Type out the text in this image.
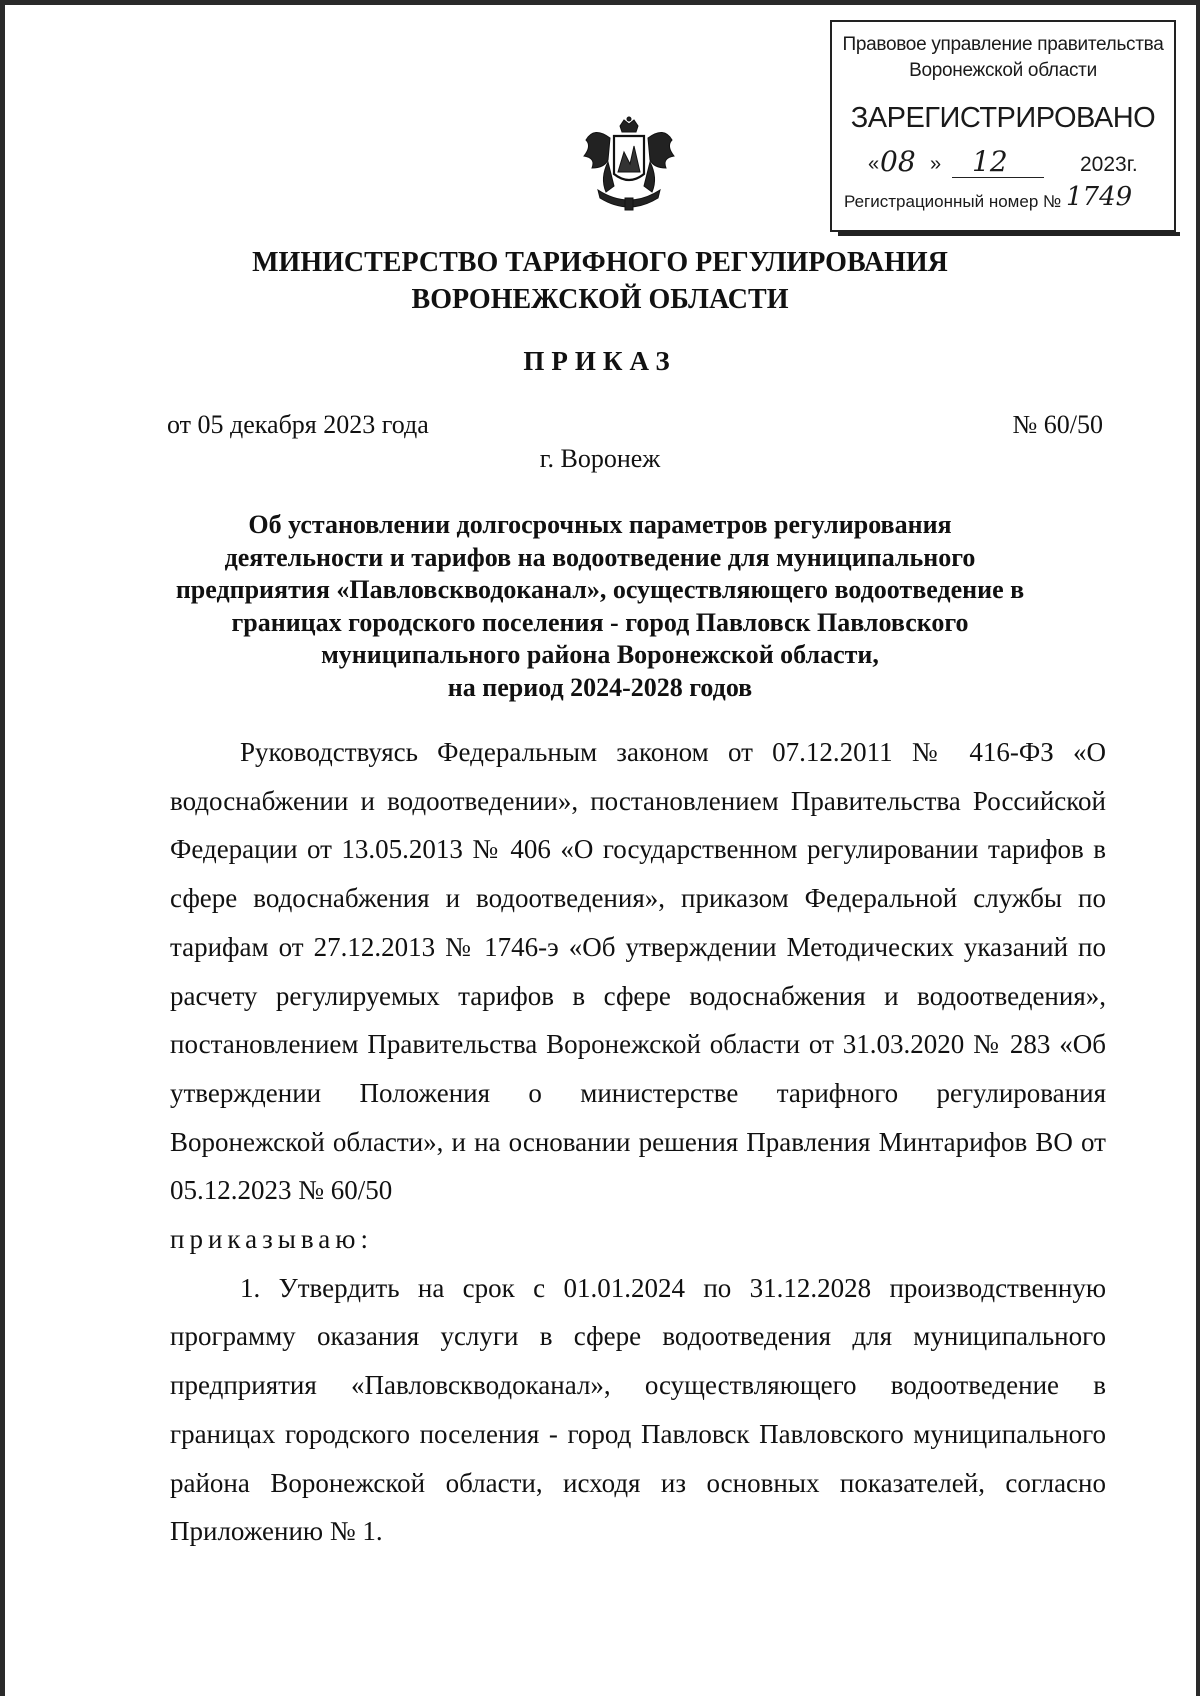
Правовое управление правительства
Воронежской области
ЗАРЕГИСТРИРОВАНО
« 08 » 12	2023г.
Регистрационный номер № 1749
МИНИСТЕРСТВО ТАРИФНОГО РЕГУЛИРОВАНИЯ
ВОРОНЕЖСКОЙ ОБЛАСТИ
ПРИКАЗ
от 05 декабря 2023 года	№ 60/50
г. Воронеж
Об установлении долгосрочных параметров регулирования
деятельности и тарифов на водоотведение для муниципального
предприятия «Павловскводоканал», осуществляющего водоотведение в
границах городского поселения - город Павловск Павловского
муниципального района Воронежской области,
на период 2024-2028 годов

Руководствуясь Федеральным законом от 07.12.2011 № 416-ФЗ «О водоснабжении и водоотведении», постановлением Правительства Российской Федерации от 13.05.2013 № 406 «О государственном регулировании тарифов в сфере водоснабжения и водоотведения», приказом Федеральной службы по тарифам от 27.12.2013 № 1746-э «Об утверждении Методических указаний по расчету регулируемых тарифов в сфере водоснабжения и водоотведения», постановлением Правительства Воронежской области от 31.03.2020 № 283 «Об утверждении Положения о министерстве тарифного регулирования Воронежской области», и на основании решения Правления Минтарифов ВО от 05.12.2023 № 60/50

приказываю:

1. Утвердить на срок с 01.01.2024 по 31.12.2028 производственную программу оказания услуги в сфере водоотведения для муниципального предприятия «Павловскводоканал», осуществляющего водоотведение в границах городского поселения - город Павловск Павловского муниципального района Воронежской области, исходя из основных показателей, согласно Приложению № 1.
